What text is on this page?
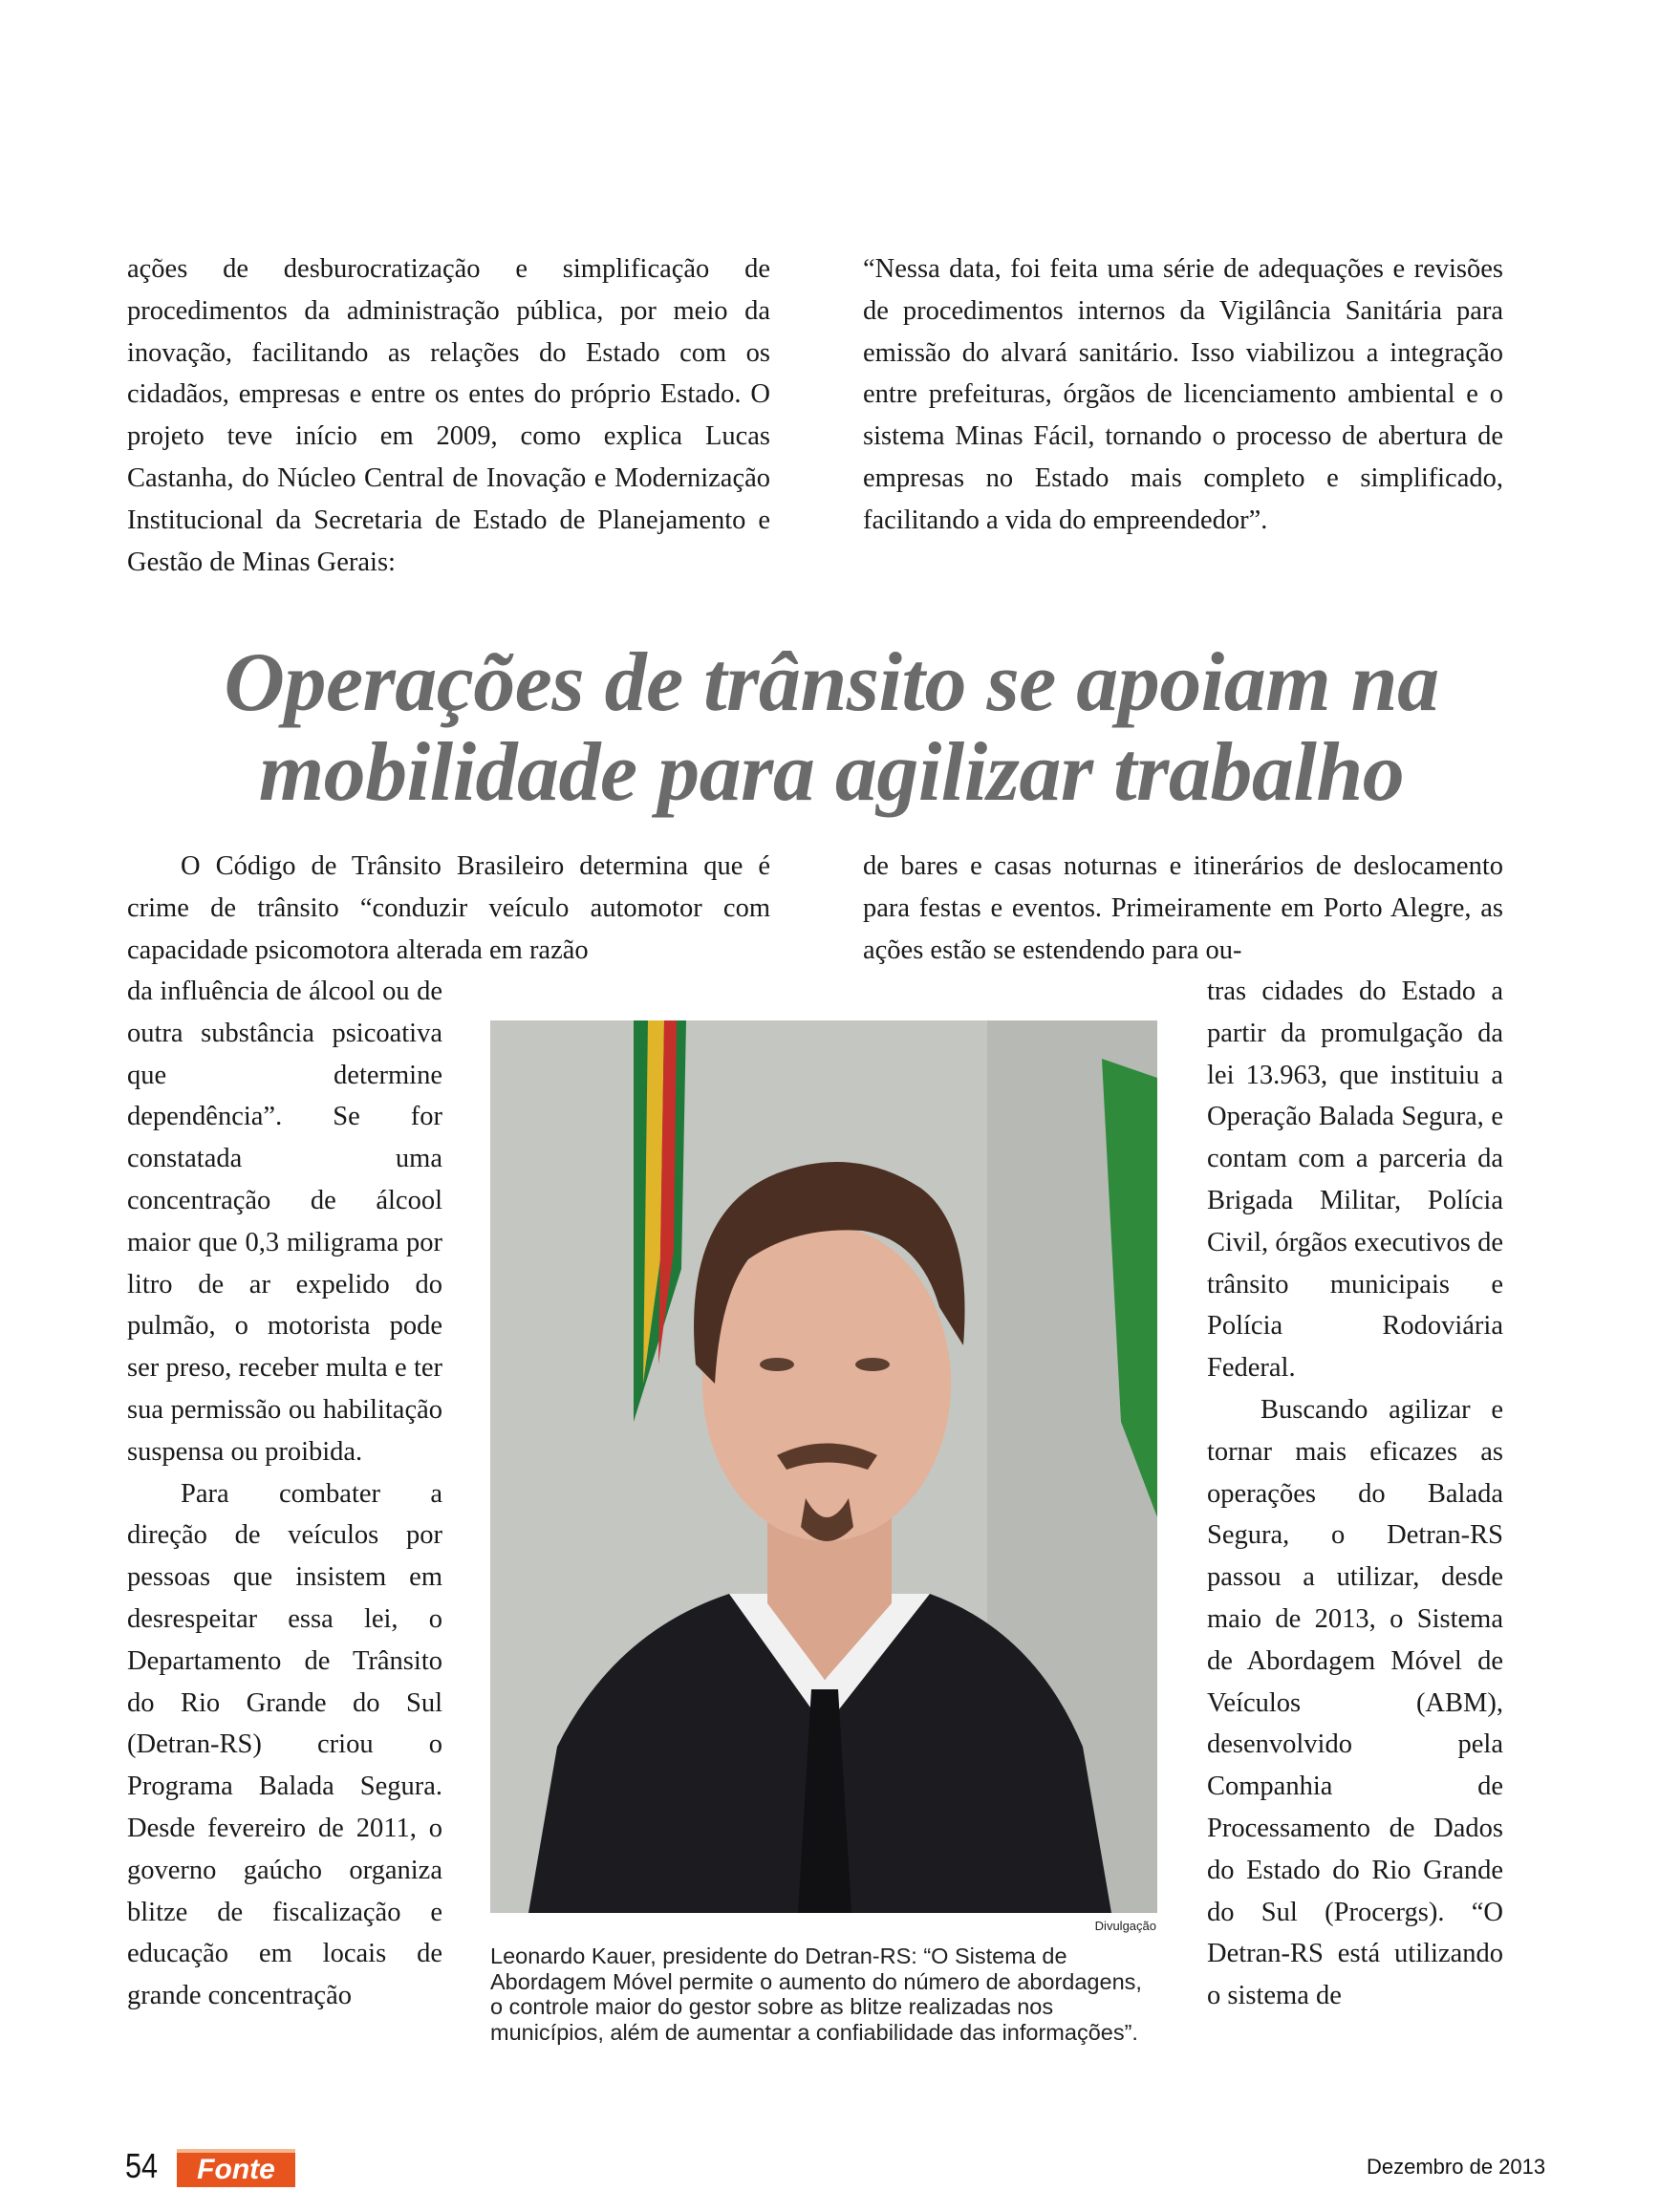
ações de desburocratização e simplificação de procedimentos da administração pública, por meio da inovação, facilitando as relações do Estado com os cidadãos, empresas e entre os entes do próprio Estado. O projeto teve início em 2009, como explica Lucas Castanha, do Núcleo Central de Inovação e Modernização Institucional da Secretaria de Estado de Planejamento e Gestão de Minas Gerais:

“Nessa data, foi feita uma série de adequações e revisões de procedimentos internos da Vigilância Sanitária para emissão do alvará sanitário. Isso viabilizou a integração entre prefeituras, órgãos de licenciamento ambiental e o sistema Minas Fácil, tornando o processo de abertura de empresas no Estado mais completo e simplificado, facilitando a vida do empreendedor”.

Operações de trânsito se apoiam na
mobilidade para agilizar trabalho

O Código de Trânsito Brasileiro determina que é crime de trânsito “conduzir veículo automotor com capacidade psicomotora alterada em razão

da influência de álcool ou de outra substância psicoativa que determine dependência”. Se for constatada uma concentração de álcool maior que 0,3 miligrama por litro de ar expelido do pulmão, o motorista pode ser preso, receber multa e ter sua permissão ou habilitação suspensa ou proibida.

Para combater a direção de veículos por pessoas que insistem em desrespeitar essa lei, o Departamento de Trânsito do Rio Grande do Sul (Detran-RS) criou o Programa Balada Segura. Desde fevereiro de 2011, o governo gaúcho organiza blitze de fiscalização e educação em locais de grande concentração

de bares e casas noturnas e itinerários de deslocamento para festas e eventos. Primeiramente em Porto Alegre, as ações estão se estendendo para ou-

tras cidades do Estado a partir da promulgação da lei 13.963, que instituiu a Operação Balada Segura, e contam com a parceria da Brigada Militar, Polícia Civil, órgãos executivos de trânsito municipais e Polícia Rodoviária Federal.

Buscando agilizar e tornar mais eficazes as operações do Balada Segura, o Detran-RS passou a utilizar, desde maio de 2013, o Sistema de Abordagem Móvel de Veículos (ABM), desenvolvido pela Companhia de Processamento de Dados do Estado do Rio Grande do Sul (Procergs). “O Detran-RS está utilizando o sistema de

Divulgação
Leonardo Kauer, presidente do Detran-RS: “O Sistema de Abordagem Móvel permite o aumento do número de abordagens, o controle maior do gestor sobre as blitze realizadas nos municípios, além de aumentar a confiabilidade das informações”.
54	Fonte	Dezembro de 2013
